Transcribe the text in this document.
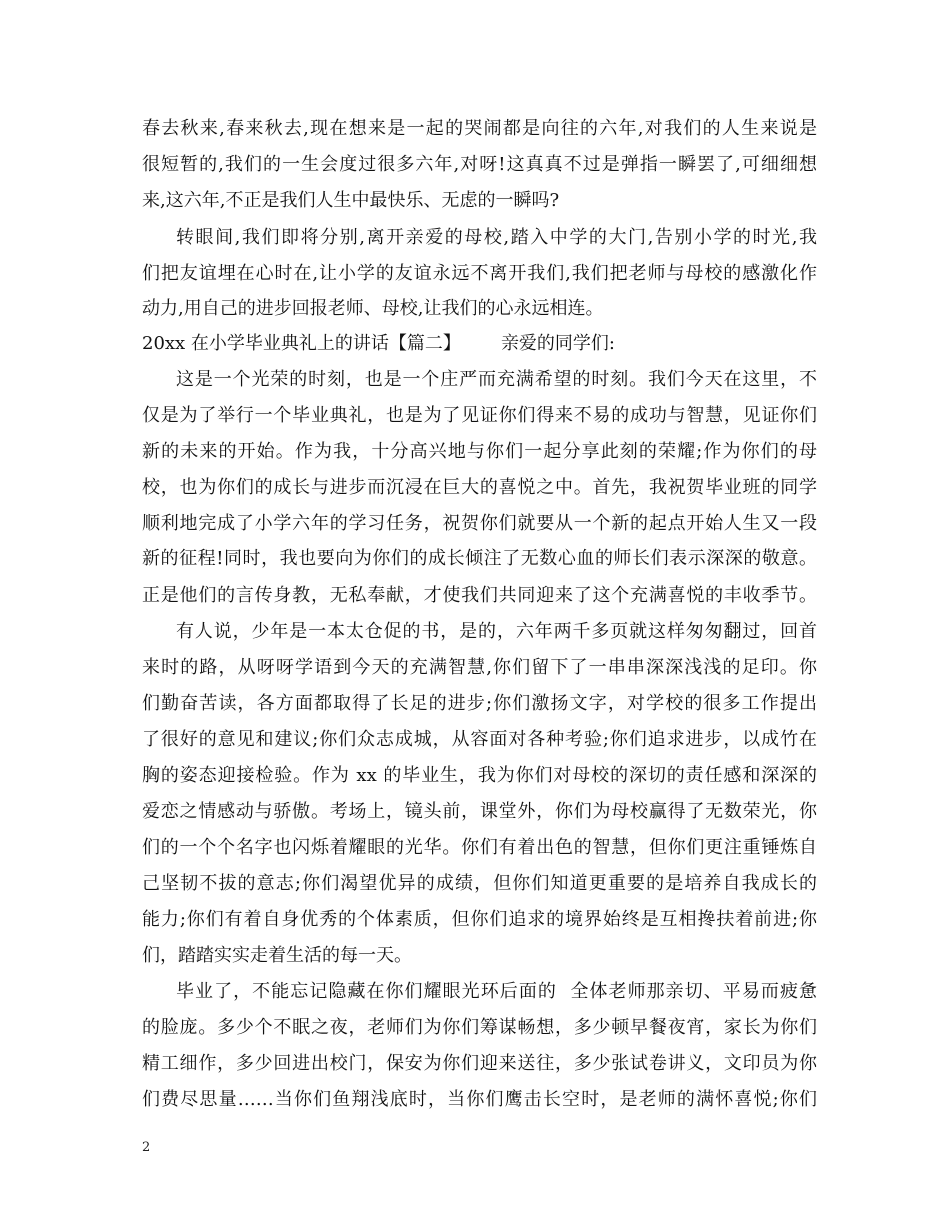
春去秋来,春来秋去,现在想来是一起的哭闹都是向往的六年,对我们的人生来说是
很短暂的,我们的一生会度过很多六年,对呀!这真真不过是弹指一瞬罢了,可细细想
来,这六年,不正是我们人生中最快乐、无虑的一瞬吗?
转眼间,我们即将分别,离开亲爱的母校,踏入中学的大门,告别小学的时光,我
们把友谊埋在心时在,让小学的友谊永远不离开我们,我们把老师与母校的感激化作
动力,用自己的进步回报老师、母校,让我们的心永远相连。
20xx 在小学毕业典礼上的讲话【篇二】 亲爱的同学们:
这是一个光荣的时刻，也是一个庄严而充满希望的时刻。我们今天在这里，不
仅是为了举行一个毕业典礼，也是为了见证你们得来不易的成功与智慧，见证你们
新的未来的开始。作为我，十分高兴地与你们一起分享此刻的荣耀;作为你们的母
校，也为你们的成长与进步而沉浸在巨大的喜悦之中。首先，我祝贺毕业班的同学
顺利地完成了小学六年的学习任务，祝贺你们就要从一个新的起点开始人生又一段
新的征程!同时，我也要向为你们的成长倾注了无数心血的师长们表示深深的敬意。
正是他们的言传身教，无私奉献，才使我们共同迎来了这个充满喜悦的丰收季节。
有人说，少年是一本太仓促的书，是的，六年两千多页就这样匆匆翻过，回首
来时的路，从呀呀学语到今天的充满智慧,你们留下了一串串深深浅浅的足印。你
们勤奋苦读，各方面都取得了长足的进步;你们激扬文字，对学校的很多工作提出
了很好的意见和建议;你们众志成城，从容面对各种考验;你们追求进步，以成竹在
胸的姿态迎接检验。作为 xx 的毕业生，我为你们对母校的深切的责任感和深深的
爱恋之情感动与骄傲。考场上，镜头前，课堂外，你们为母校赢得了无数荣光，你
们的一个个名字也闪烁着耀眼的光华。你们有着出色的智慧，但你们更注重锤炼自
己坚韧不拔的意志;你们渴望优异的成绩，但你们知道更重要的是培养自我成长的
能力;你们有着自身优秀的个体素质，但你们追求的境界始终是互相搀扶着前进;你
们，踏踏实实走着生活的每一天。
毕业了，不能忘记隐藏在你们耀眼光环后面的  全体老师那亲切、平易而疲惫
的脸庞。多少个不眠之夜，老师们为你们筹谋畅想，多少顿早餐夜宵，家长为你们
精工细作，多少回进出校门，保安为你们迎来送往，多少张试卷讲义，文印员为你
们费尽思量……当你们鱼翔浅底时，当你们鹰击长空时，是老师的满怀喜悦;你们
2
